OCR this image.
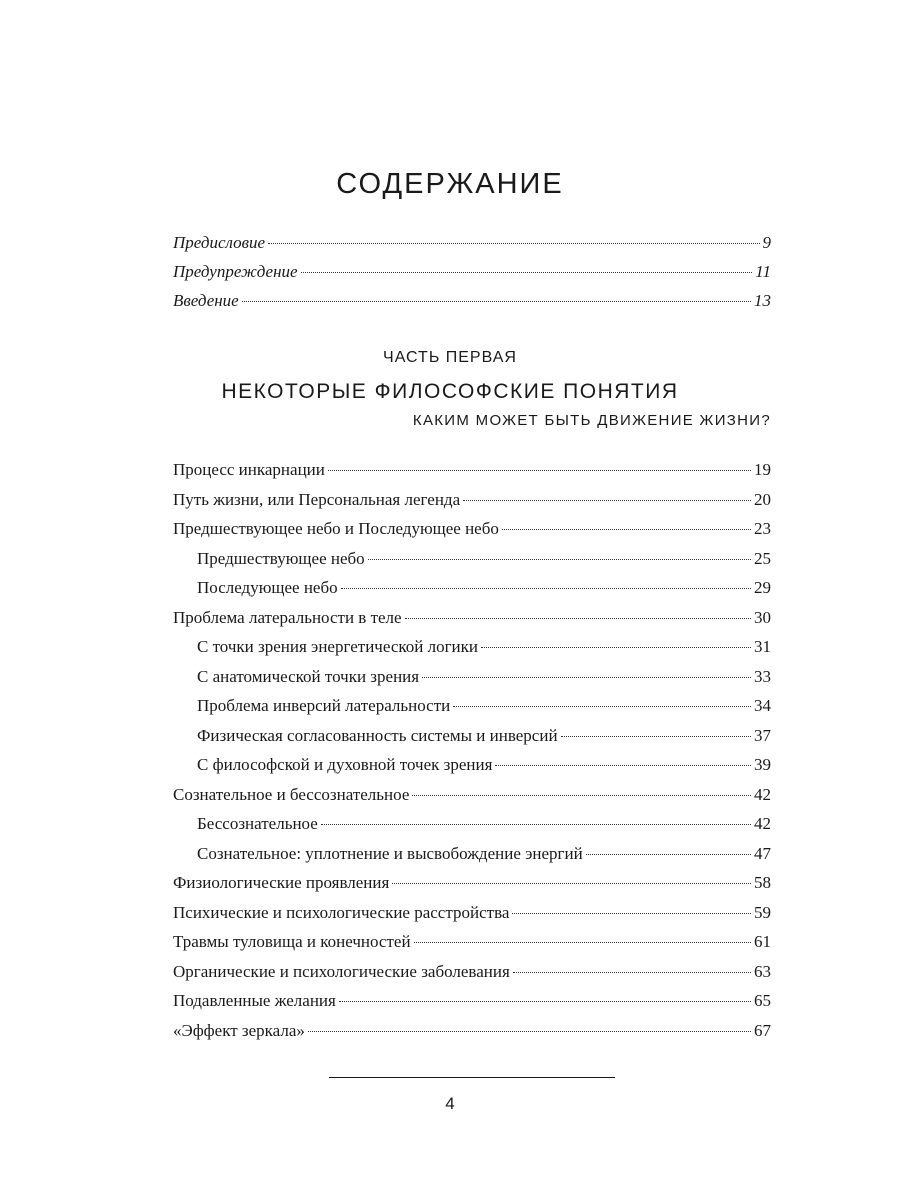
СОДЕРЖАНИЕ
Предисловие	9
Предупреждение	11
Введение	13
ЧАСТЬ ПЕРВАЯ
НЕКОТОРЫЕ ФИЛОСОФСКИЕ ПОНЯТИЯ
КАКИМ МОЖЕТ БЫТЬ ДВИЖЕНИЕ ЖИЗНИ?
Процесс инкарнации	19
Путь жизни, или Персональная легенда	20
Предшествующее небо и Последующее небо	23
Предшествующее небо	25
Последующее небо	29
Проблема латеральности в теле	30
С точки зрения энергетической логики	31
С анатомической точки зрения	33
Проблема инверсий латеральности	34
Физическая согласованность системы и инверсий	37
С философской и духовной точек зрения	39
Сознательное и бессознательное	42
Бессознательное	42
Сознательное: уплотнение и высвобождение энергий	47
Физиологические проявления	58
Психические и психологические расстройства	59
Травмы туловища и конечностей	61
Органические и психологические заболевания	63
Подавленные желания	65
«Эффект зеркала»	67
4
